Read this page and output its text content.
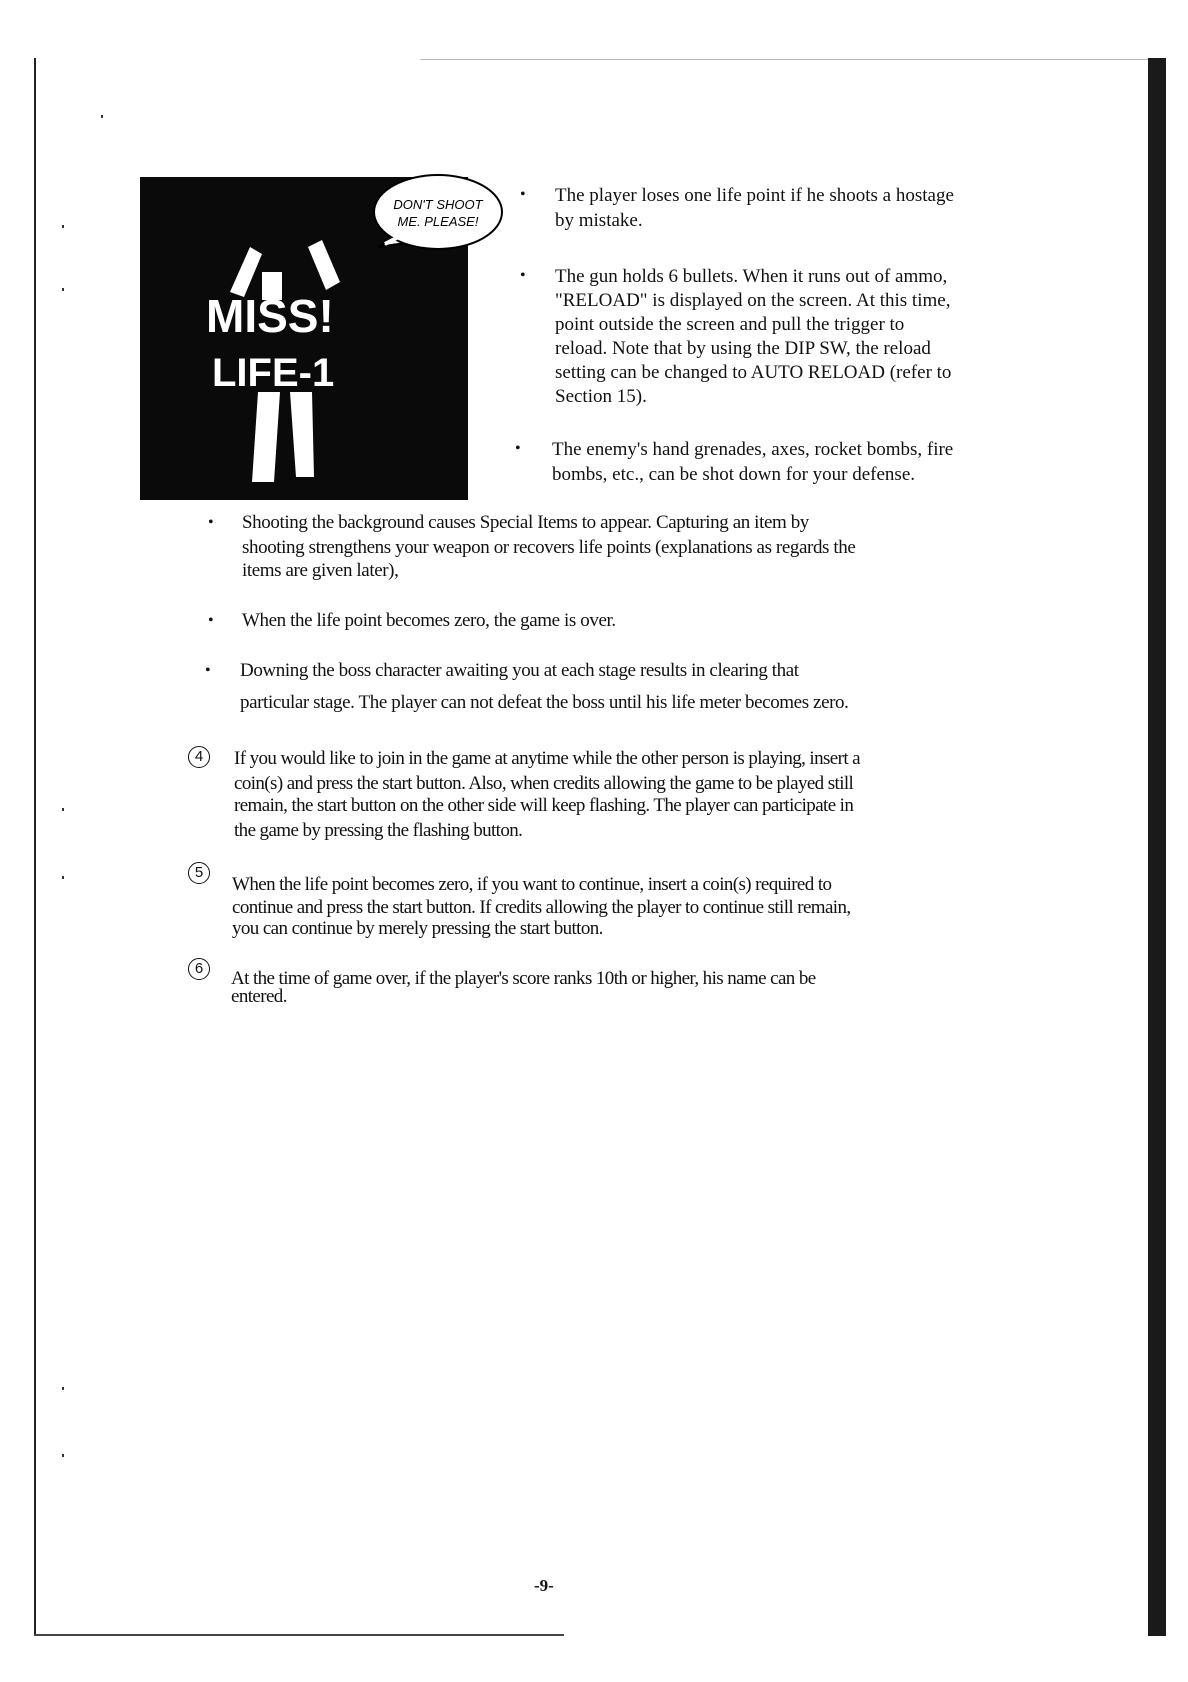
MISS!
LIFE-1
DON'T SHOOT
ME. PLEASE!
• The player loses one life point if he shoots a hostage
by mistake.
• The gun holds 6 bullets. When it runs out of ammo,
"RELOAD" is displayed on the screen. At this time,
point outside the screen and pull the trigger to
reload. Note that by using the DIP SW, the reload
setting can be changed to AUTO RELOAD (refer to
Section 15).
• The enemy's hand grenades, axes, rocket bombs, fire
bombs, etc., can be shot down for your defense.
• Shooting the background causes Special Items to appear. Capturing an item by
shooting strengthens your weapon or recovers life points (explanations as regards the
items are given later),
• When the life point becomes zero, the game is over.
• Downing the boss character awaiting you at each stage results in clearing that
particular stage. The player can not defeat the boss until his life meter becomes zero.
4	If you would like to join in the game at anytime while the other person is playing, insert a
coin(s) and press the start button. Also, when credits allowing the game to be played still
remain, the start button on the other side will keep flashing. The player can participate in
the game by pressing the flashing button.
5
When the life point becomes zero, if you want to continue, insert a coin(s) required to
continue and press the start button. If credits allowing the player to continue still remain,
you can continue by merely pressing the start button.
6	At the time of game over, if the player's score ranks 10th or higher, his name can be
entered.
-9-
